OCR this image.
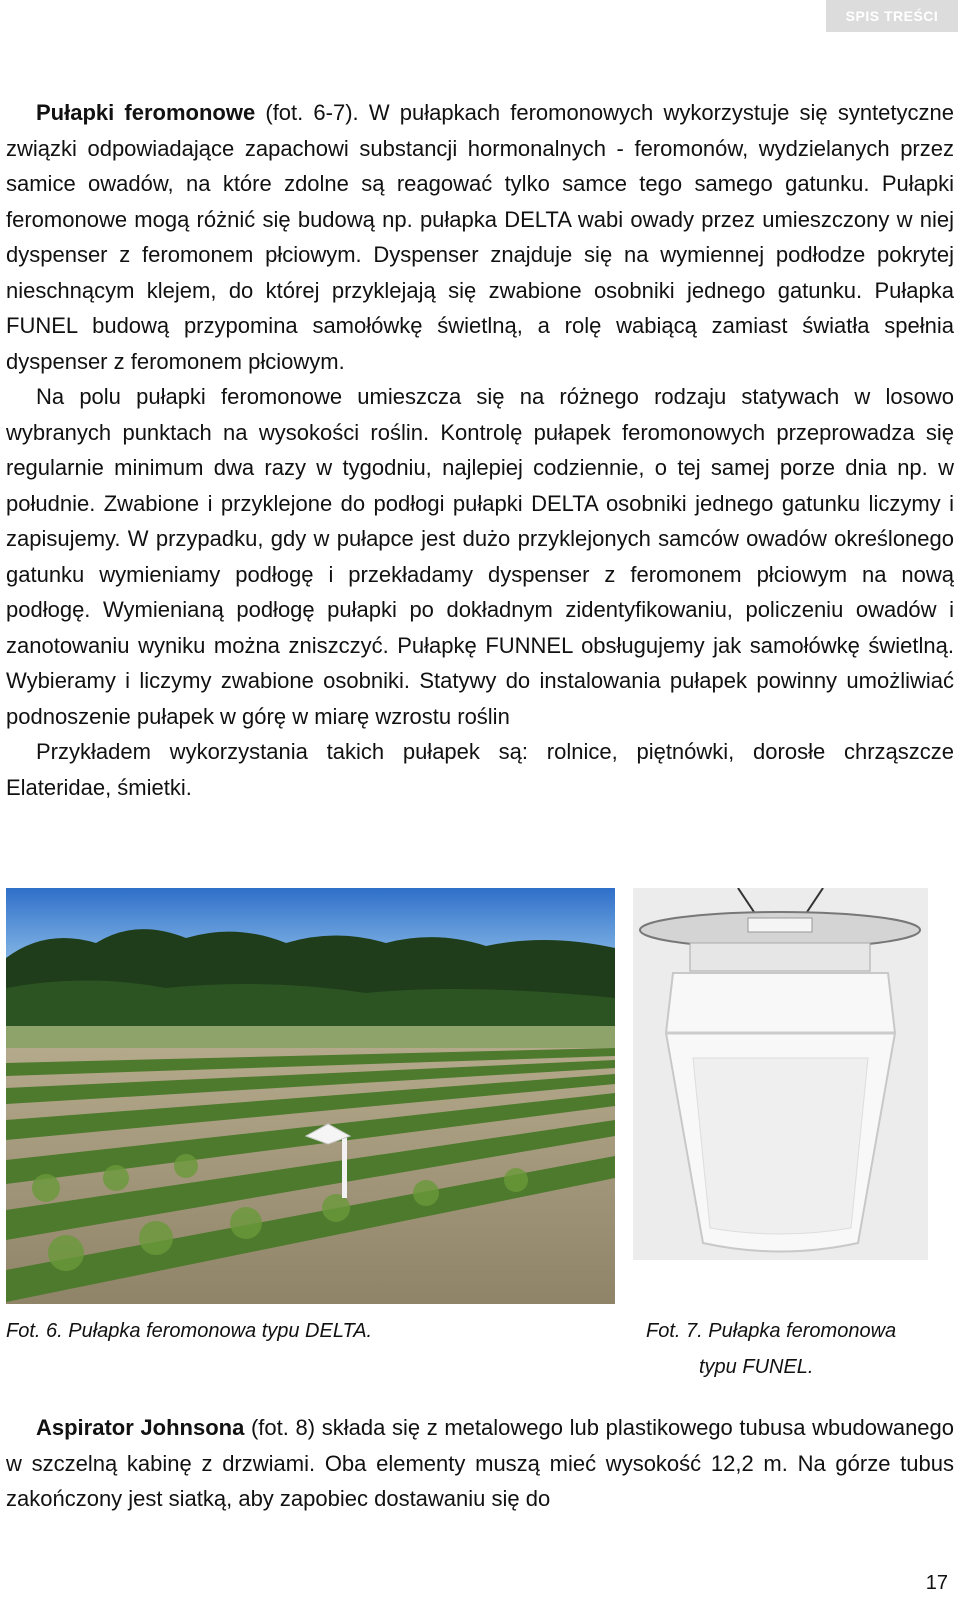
SPIS TREŚCI

Pułapki feromonowe (fot. 6-7). W pułapkach feromonowych wykorzystuje się syntetyczne związki odpowiadające zapachowi substancji hormonalnych - feromonów, wydzielanych przez samice owadów, na które zdolne są reagować tylko samce tego samego gatunku. Pułapki feromonowe mogą różnić się budową np. pułapka DELTA wabi owady przez umieszczony w niej dyspenser z feromonem płciowym. Dyspenser znajduje się na wymiennej podłodze pokrytej nieschnącym klejem, do której przyklejają się zwabione osobniki jednego gatunku. Pułapka FUNEL budową przypomina samołówkę świetlną, a rolę wabiącą zamiast światła spełnia dyspenser z feromonem płciowym.

Na polu pułapki feromonowe umieszcza się na różnego rodzaju statywach w losowo wybranych punktach na wysokości roślin. Kontrolę pułapek feromonowych przeprowadza się regularnie minimum dwa razy w tygodniu, najlepiej codziennie, o tej samej porze dnia np. w południe. Zwabione i przyklejone do podłogi pułapki DELTA osobniki jednego gatunku liczymy i zapisujemy. W przypadku, gdy w pułapce jest dużo przyklejonych samców owadów określonego gatunku wymieniamy podłogę i przekładamy dyspenser z feromonem płciowym na nową podłogę. Wymienianą podłogę pułapki po dokładnym zidentyfikowaniu, policzeniu owadów i zanotowaniu wyniku można zniszczyć. Pułapkę FUNNEL obsługujemy jak samołówkę świetlną. Wybieramy i liczymy zwabione osobniki. Statywy do instalowania pułapek powinny umożliwiać podnoszenie pułapek w górę w miarę wzrostu roślin

Przykładem wykorzystania takich pułapek są: rolnice, piętnówki, dorosłe chrząszcze Elateridae, śmietki.

Fot. 6. Pułapka feromonowa typu DELTA.	Fot. 7. Pułapka feromonowa
typu FUNEL.

Aspirator Johnsona (fot. 8) składa się z metalowego lub plastikowego tubusa wbudowanego w szczelną kabinę z drzwiami. Oba elementy muszą mieć wysokość 12,2 m. Na górze tubus zakończony jest siatką, aby zapobiec dostawaniu się do

17
